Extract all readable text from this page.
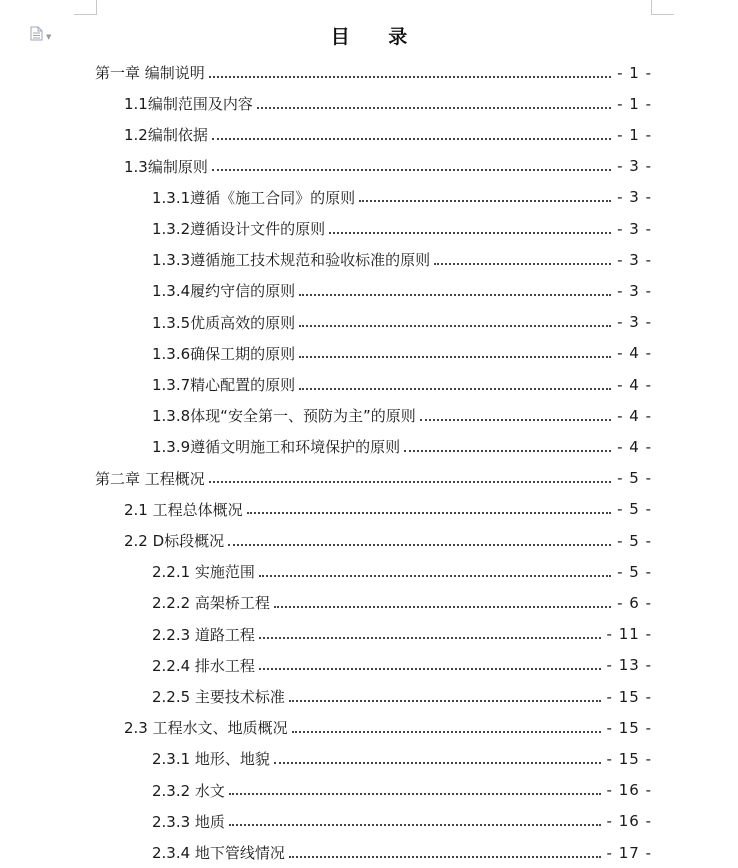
▼	目 录
第一章 编制说明	- 1 -
1.1编制范围及内容	- 1 -
1.2编制依据	- 1 -
1.3编制原则	- 3 -
1.3.1遵循《施工合同》的原则	- 3 -
1.3.2遵循设计文件的原则	- 3 -
1.3.3遵循施工技术规范和验收标准的原则	- 3 -
1.3.4履约守信的原则	- 3 -
1.3.5优质高效的原则	- 3 -
1.3.6确保工期的原则	- 4 -
1.3.7精心配置的原则	- 4 -
1.3.8体现“安全第一、预防为主”的原则	- 4 -
1.3.9遵循文明施工和环境保护的原则	- 4 -
第二章 工程概况	- 5 -
2.1 工程总体概况	- 5 -
2.2 D标段概况	- 5 -
2.2.1 实施范围	- 5 -
2.2.2 高架桥工程	- 6 -
2.2.3 道路工程	- 11 -
2.2.4 排水工程	- 13 -
2.2.5 主要技术标准	- 15 -
2.3 工程水文、地质概况	- 15 -
2.3.1 地形、地貌	- 15 -
2.3.2 水文	- 16 -
2.3.3 地质	- 16 -
2.3.4 地下管线情况	- 17 -
